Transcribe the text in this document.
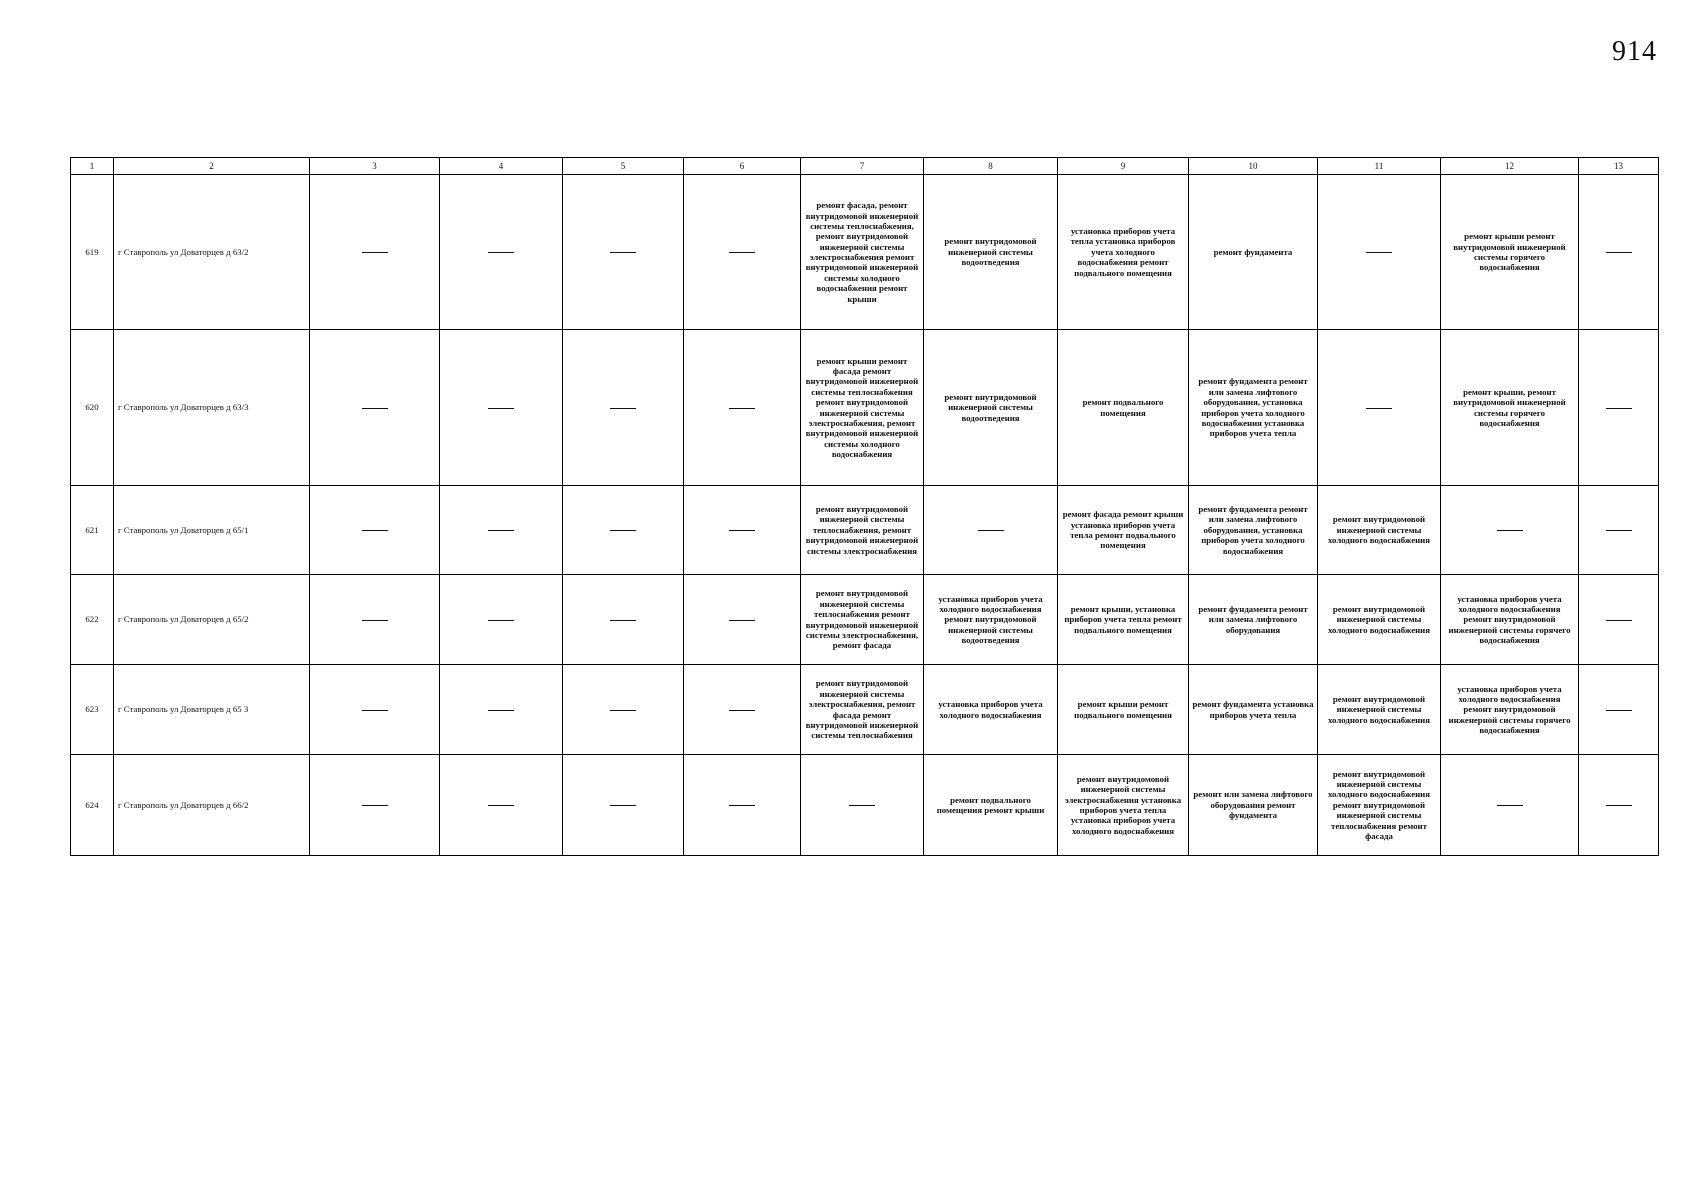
914
1	2	3	4	5	6	7	8	9	10	11	12	13
619	г Ставрополь ул Доваторцев д 63/2					ремонт фасада, ремонт внутридомовой инженерной системы теплоснабжения, ремонт внутридомовой инженерной системы электроснабжения ремонт внутридомовой инженерной системы холодного водоснабжения ремонт крыши	ремонт внутридомовой инженерной системы водоотведения	установка приборов учета тепла установка приборов учета холодного водоснабжения ремонт подвального помещения	ремонт фундамента		ремонт крыши ремонт внутридомовой инженерной системы горячего водоснабжения	
620	г Ставрополь ул Доваторцев д 63/3					ремонт крыши ремонт фасада ремонт внутридомовой инженерной системы теплоснабжения ремонт внутридомовой инженерной системы электроснабжения, ремонт внутридомовой инженерной системы холодного водоснабжения	ремонт внутридомовой инженерной системы водоотведения	ремонт подвального помещения	ремонт фундамента ремонт или замена лифтового оборудования, установка приборов учета холодного водоснабжения установка приборов учета тепла		ремонт крыши, ремонт внутридомовой инженерной системы горячего водоснабжения	
621	г Ставрополь ул Доваторцев д 65/1					ремонт внутридомовой инженерной системы теплоснабжения, ремонт внутридомовой инженерной системы электроснабжения		ремонт фасада ремонт крыши установка приборов учета тепла ремонт подвального помещения	ремонт фундамента ремонт или замена лифтового оборудования, установка приборов учета холодного водоснабжения	ремонт внутридомовой инженерной системы холодного водоснабжения		
622	г Ставрополь ул Доваторцев д 65/2					ремонт внутридомовой инженерной системы теплоснабжения ремонт внутридомовой инженерной системы электроснабжения, ремонт фасада	установка приборов учета холодного водоснабжения ремонт внутридомовой инженерной системы водоотведения	ремонт крыши, установка приборов учета тепла ремонт подвального помещения	ремонт фундамента ремонт или замена лифтового оборудования	ремонт внутридомовой инженерной системы холодного водоснабжения	установка приборов учета холодного водоснабжения ремонт внутридомовой инженерной системы горячего водоснабжения	
623	г Ставрополь ул Доваторцев д 65 3					ремонт внутридомовой инженерной системы электроснабжения, ремонт фасада ремонт внутридомовой инженерной системы теплоснабжения	установка приборов учета холодного водоснабжения	ремонт крыши ремонт подвального помещения	ремонт фундамента установка приборов учета тепла	ремонт внутридомовой инженерной системы холодного водоснабжения	установка приборов учета холодного водоснабжения ремонт внутридомовой инженерной системы горячего водоснабжения	
624	г Ставрополь ул Доваторцев д 66/2						ремонт подвального помещения ремонт крыши	ремонт внутридомовой инженерной системы электроснабжения установка приборов учета тепла установка приборов учета холодного водоснабжения	ремонт или замена лифтового оборудования ремонт фундамента	ремонт внутридомовой инженерной системы холодного водоснабжения ремонт внутридомовой инженерной системы теплоснабжения ремонт фасада		
